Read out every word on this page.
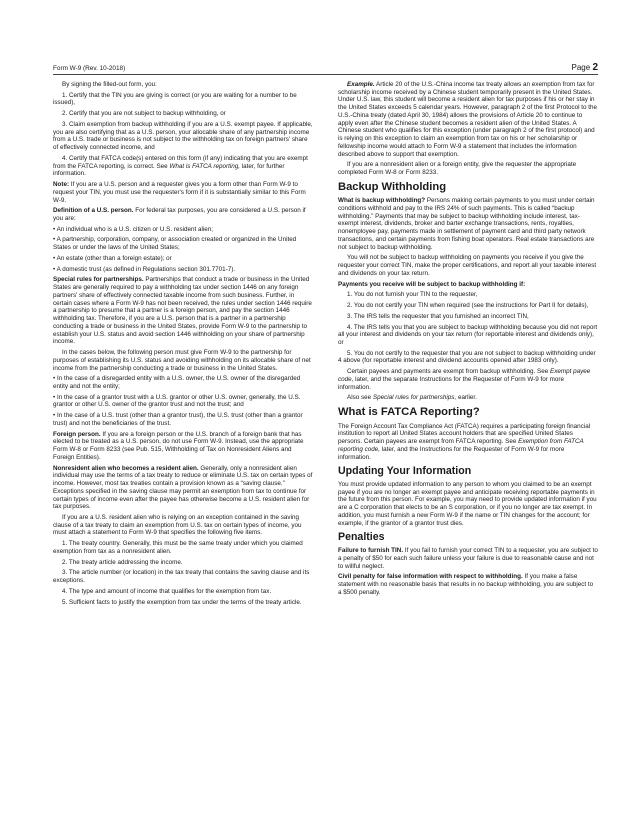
Form W-9 (Rev. 10-2018)	Page 2

By signing the filled-out form, you:

1. Certify that the TIN you are giving is correct (or you are waiting for a number to be issued),

2. Certify that you are not subject to backup withholding, or

3. Claim exemption from backup withholding if you are a U.S. exempt payee. If applicable, you are also certifying that as a U.S. person, your allocable share of any partnership income from a U.S. trade or business is not subject to the withholding tax on foreign partners' share of effectively connected income, and

4. Certify that FATCA code(s) entered on this form (if any) indicating that you are exempt from the FATCA reporting, is correct. See What is FATCA reporting, later, for further information.

Note: If you are a U.S. person and a requester gives you a form other than Form W-9 to request your TIN, you must use the requester's form if it is substantially similar to this Form W-9.

Definition of a U.S. person. For federal tax purposes, you are considered a U.S. person if you are:

• An individual who is a U.S. citizen or U.S. resident alien;

• A partnership, corporation, company, or association created or organized in the United States or under the laws of the United States;

• An estate (other than a foreign estate); or

• A domestic trust (as defined in Regulations section 301.7701-7).

Special rules for partnerships. Partnerships that conduct a trade or business in the United States are generally required to pay a withholding tax under section 1446 on any foreign partners' share of effectively connected taxable income from such business. Further, in certain cases where a Form W-9 has not been received, the rules under section 1446 require a partnership to presume that a partner is a foreign person, and pay the section 1446 withholding tax. Therefore, if you are a U.S. person that is a partner in a partnership conducting a trade or business in the United States, provide Form W-9 to the partnership to establish your U.S. status and avoid section 1446 withholding on your share of partnership income.

In the cases below, the following person must give Form W-9 to the partnership for purposes of establishing its U.S. status and avoiding withholding on its allocable share of net income from the partnership conducting a trade or business in the United States.

• In the case of a disregarded entity with a U.S. owner, the U.S. owner of the disregarded entity and not the entity;

• In the case of a grantor trust with a U.S. grantor or other U.S. owner, generally, the U.S. grantor or other U.S. owner of the grantor trust and not the trust; and

• In the case of a U.S. trust (other than a grantor trust), the U.S. trust (other than a grantor trust) and not the beneficiaries of the trust.

Foreign person. If you are a foreign person or the U.S. branch of a foreign bank that has elected to be treated as a U.S. person, do not use Form W-9. Instead, use the appropriate Form W-8 or Form 8233 (see Pub. 515, Withholding of Tax on Nonresident Aliens and Foreign Entities).

Nonresident alien who becomes a resident alien. Generally, only a nonresident alien individual may use the terms of a tax treaty to reduce or eliminate U.S. tax on certain types of income. However, most tax treaties contain a provision known as a “saving clause.” Exceptions specified in the saving clause may permit an exemption from tax to continue for certain types of income even after the payee has otherwise become a U.S. resident alien for tax purposes.

If you are a U.S. resident alien who is relying on an exception contained in the saving clause of a tax treaty to claim an exemption from U.S. tax on certain types of income, you must attach a statement to Form W-9 that specifies the following five items.

1. The treaty country. Generally, this must be the same treaty under which you claimed exemption from tax as a nonresident alien.

2. The treaty article addressing the income.

3. The article number (or location) in the tax treaty that contains the saving clause and its exceptions.

4. The type and amount of income that qualifies for the exemption from tax.

5. Sufficient facts to justify the exemption from tax under the terms of the treaty article.

Example. Article 20 of the U.S.-China income tax treaty allows an exemption from tax for scholarship income received by a Chinese student temporarily present in the United States. Under U.S. law, this student will become a resident alien for tax purposes if his or her stay in the United States exceeds 5 calendar years. However, paragraph 2 of the first Protocol to the U.S.-China treaty (dated April 30, 1984) allows the provisions of Article 20 to continue to apply even after the Chinese student becomes a resident alien of the United States. A Chinese student who qualifies for this exception (under paragraph 2 of the first protocol) and is relying on this exception to claim an exemption from tax on his or her scholarship or fellowship income would attach to Form W-9 a statement that includes the information described above to support that exemption.

If you are a nonresident alien or a foreign entity, give the requester the appropriate completed Form W-8 or Form 8233.

Backup Withholding

What is backup withholding? Persons making certain payments to you must under certain conditions withhold and pay to the IRS 24% of such payments. This is called “backup withholding.” Payments that may be subject to backup withholding include interest, tax-exempt interest, dividends, broker and barter exchange transactions, rents, royalties, nonemployee pay, payments made in settlement of payment card and third party network transactions, and certain payments from fishing boat operators. Real estate transactions are not subject to backup withholding.

You will not be subject to backup withholding on payments you receive if you give the requester your correct TIN, make the proper certifications, and report all your taxable interest and dividends on your tax return.

Payments you receive will be subject to backup withholding if:

1. You do not furnish your TIN to the requester,

2. You do not certify your TIN when required (see the instructions for Part II for details),

3. The IRS tells the requester that you furnished an incorrect TIN,

4. The IRS tells you that you are subject to backup withholding because you did not report all your interest and dividends on your tax return (for reportable interest and dividends only), or

5. You do not certify to the requester that you are not subject to backup withholding under 4 above (for reportable interest and dividend accounts opened after 1983 only).

Certain payees and payments are exempt from backup withholding. See Exempt payee code, later, and the separate Instructions for the Requester of Form W-9 for more information.

Also see Special rules for partnerships, earlier.

What is FATCA Reporting?

The Foreign Account Tax Compliance Act (FATCA) requires a participating foreign financial institution to report all United States account holders that are specified United States persons. Certain payees are exempt from FATCA reporting. See Exemption from FATCA reporting code, later, and the Instructions for the Requester of Form W-9 for more information.

Updating Your Information

You must provide updated information to any person to whom you claimed to be an exempt payee if you are no longer an exempt payee and anticipate receiving reportable payments in the future from this person. For example, you may need to provide updated information if you are a C corporation that elects to be an S corporation, or if you no longer are tax exempt. In addition, you must furnish a new Form W-9 if the name or TIN changes for the account; for example, if the grantor of a grantor trust dies.

Penalties

Failure to furnish TIN. If you fail to furnish your correct TIN to a requester, you are subject to a penalty of $50 for each such failure unless your failure is due to reasonable cause and not to willful neglect.

Civil penalty for false information with respect to withholding. If you make a false statement with no reasonable basis that results in no backup withholding, you are subject to a $500 penalty.
